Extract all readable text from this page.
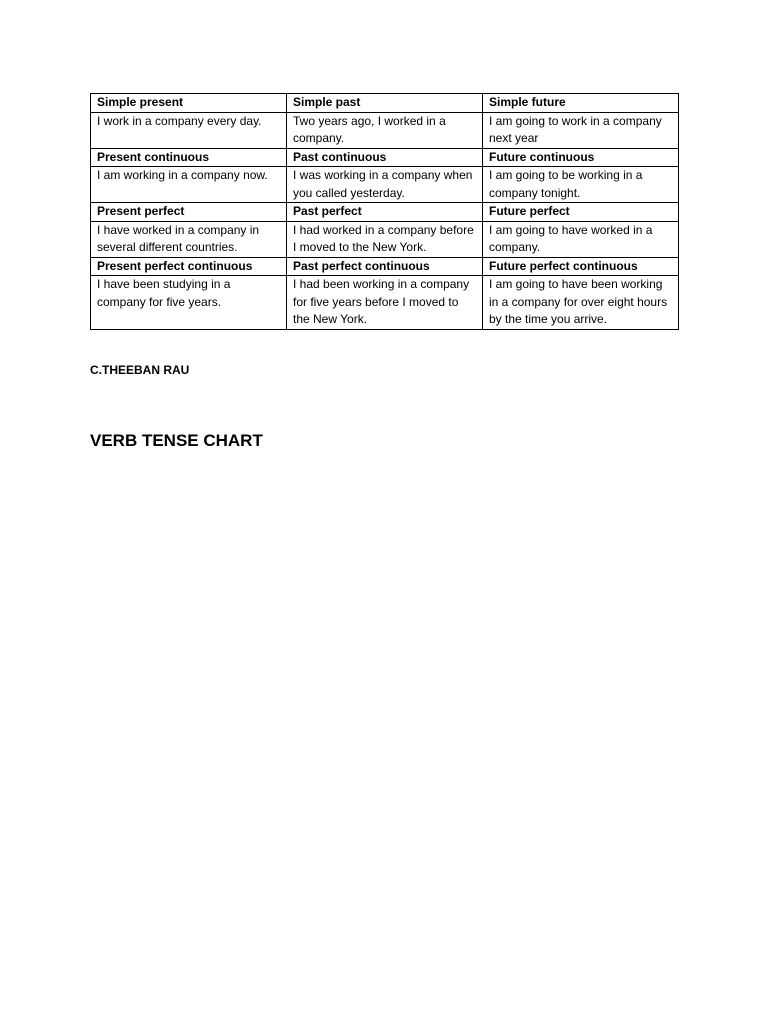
Simple present	Simple past	Simple future
I work in a company every day.	Two years ago, I worked in a company.	I am going to work in a company next year
Present continuous	Past continuous	Future continuous
I am working in a company now.	I was working in a company when you called yesterday.	I am going to be working in a company tonight.
Present perfect	Past perfect	Future perfect
I have worked in a company in several different countries.	I had worked in a company before I moved to the New York.	I am going to have worked in a company.
Present perfect continuous	Past perfect continuous	Future perfect continuous
I have been studying in a company for five years.	I had been working in a company for five years before I moved to the New York.	I am going to have been working in a company for over eight hours by the time you arrive.
C.THEEBAN RAU
VERB TENSE CHART
